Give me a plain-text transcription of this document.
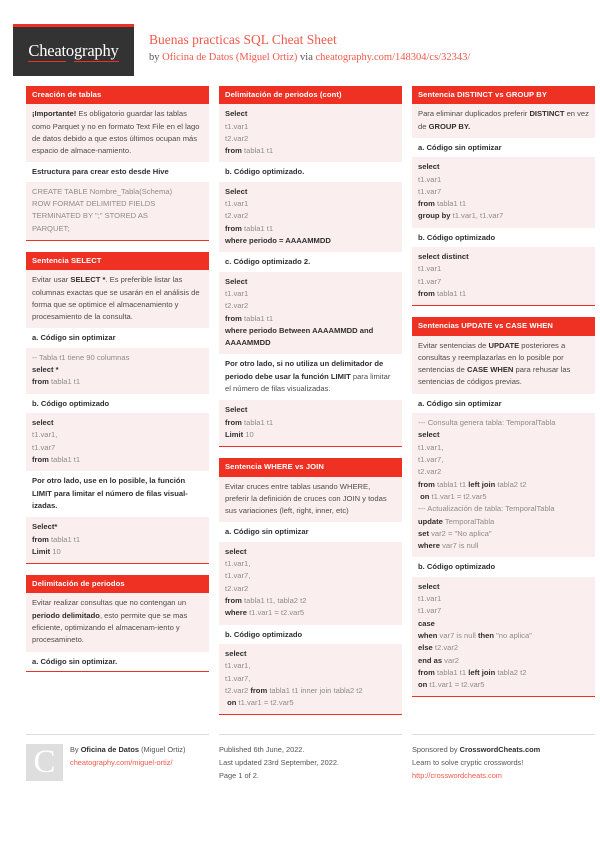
Cheatography
Buenas practicas SQL Cheat Sheet
by Oficina de Datos (Miguel Ortiz) via cheatography.com/148304/cs/32343/
Creación de tablas
¡Importante! Es obligatorio guardar las tablas como Parquet y no en formato Text File en el lago de datos debido a que estos últimos ocupan más espacio de almace-namiento.
Estructura para crear esto desde Hive
CREATE TABLE Nombre_Tabla(Schema)
ROW FORMAT DELIMITED FIELDS
TERMINATED BY ";" STORED AS
PARQUET;
Sentencia SELECT
Evitar usar SELECT *. Es preferible listar las columnas exactas que se usarán en el análisis de forma que se optimice el almacenamiento y procesamiento de la consulta.
a. Código sin optimizar
-- Tabla t1 tiene 90 columnas
select *
from tabla1 t1
b. Código optimizado
select
t1.var1,
t1.var7
from tabla1 t1
Por otro lado, use en lo posible, la función LIMIT para limitar el número de filas visual-izadas.
Select*
from tabla1 t1
Limit 10
Delimitación de periodos
Evitar realizar consultas que no contengan un periodo delimitado, esto permite que se mas eficiente, optimizando el almacenam-iento y procesamineto.
a. Código sin optimizar.
Delimitación de periodos (cont)
Select
t1.var1
t2.var2
from tabla1 t1
b. Código optimizado.
Select
t1.var1
t2.var2
from tabla1 t1
where periodo = AAAAMMDD
c. Código optimizado 2.
Select
t1.var1
t2.var2
from tabla1 t1
where periodo Between AAAAMMDD and
AAAAMMDD
Por otro lado, si no utiliza un delimitador de periodo debe usar la función LIMIT para limitar el número de filas visualizadas.
Select
from tabla1 t1
Limit 10
Sentencia WHERE vs JOIN
Evitar cruces entre tablas usando WHERE, preferir la definición de cruces con JOIN y todas sus variaciones (left, right, inner, etc)
a. Código sin optimizar
select
t1.var1,
t1.var7,
t2.var2
from tabla1 t1, tabla2 t2
where t1.var1 = t2.var5
b. Código optimizado
select
t1.var1,
t1.var7,
t2.var2 from tabla1 t1 inner join tabla2 t2
on t1.var1 = t2.var5
Sentencia DISTINCT vs GROUP BY
Para eliminar duplicados preferir DISTINCT en vez de GROUP BY.
a. Código sin optimizar
select
t1.var1
t1.var7
from tabla1 t1
group by t1.var1, t1.var7
b. Código optimizado
select distinct
t1.var1
t1.var7
from tabla1 t1
Sentencias UPDATE vs CASE WHEN
Evitar sentencias de UPDATE posteriores a consultas y reemplazarlas en lo posible por sentencias de CASE WHEN para rehusar las sentencias de códigos previas.
a. Código sin optimizar
--- Consulta genera tabla: TemporalTabla
select
t1.var1,
t1.var7,
t2.var2
from tabla1 t1 left join tabla2 t2
on t1.var1 = t2.var5
--- Actualización de tabla: TemporalTabla
update TemporalTabla
set var2 = "No aplica"
where var7 is null
b. Código optimizado
select
t1.var1
t1.var7
case
when var7 is null then "no aplica"
else t2.var2
end as var2
from tabla1 t1 left join tabla2 t2
on t1.var1 = t2.var5
C	By Oficina de Datos (Miguel Ortiz)
cheatography.com/miguel-ortiz/
Published 6th June, 2022.
Last updated 23rd September, 2022.
Page 1 of 2.
Sponsored by CrosswordCheats.com
Learn to solve cryptic crosswords!
http://crosswordcheats.com
